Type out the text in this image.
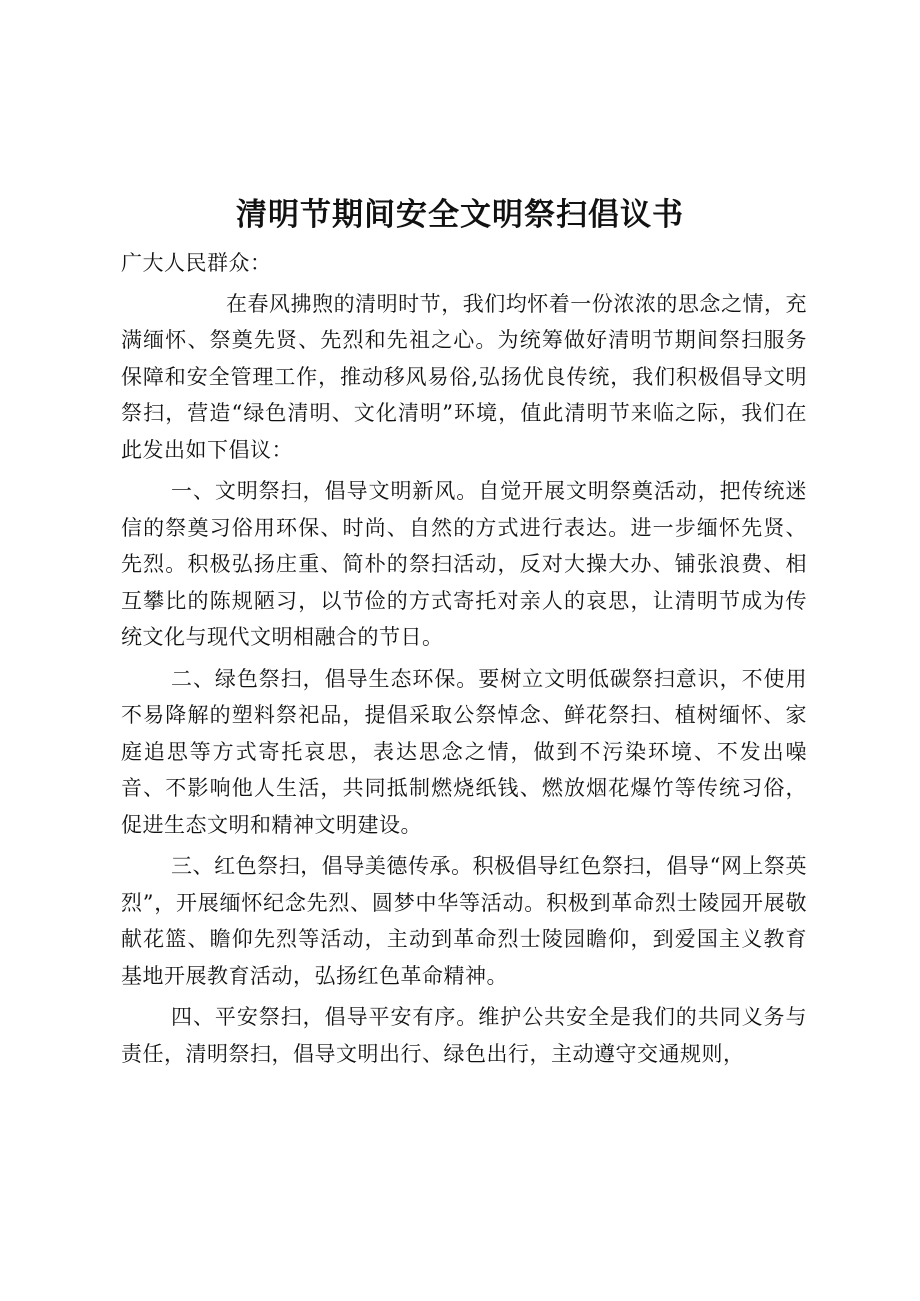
清明节期间安全文明祭扫倡议书

广大人民群众：

在春风拂煦的清明时节，我们均怀着一份浓浓的思念之情，充满缅怀、祭奠先贤、先烈和先祖之心。为统筹做好清明节期间祭扫服务保障和安全管理工作，推动移风易俗,弘扬优良传统，我们积极倡导文明祭扫，营造“绿色清明、文化清明”环境，值此清明节来临之际，我们在此发出如下倡议：

一、文明祭扫，倡导文明新风。自觉开展文明祭奠活动，把传统迷信的祭奠习俗用环保、时尚、自然的方式进行表达。进一步缅怀先贤、先烈。积极弘扬庄重、简朴的祭扫活动，反对大操大办、铺张浪费、相互攀比的陈规陋习，以节俭的方式寄托对亲人的哀思，让清明节成为传统文化与现代文明相融合的节日。

二、绿色祭扫，倡导生态环保。要树立文明低碳祭扫意识，不使用不易降解的塑料祭祀品，提倡采取公祭悼念、鲜花祭扫、植树缅怀、家庭追思等方式寄托哀思，表达思念之情，做到不污染环境、不发出噪音、不影响他人生活，共同抵制燃烧纸钱、燃放烟花爆竹等传统习俗，促进生态文明和精神文明建设。

三、红色祭扫，倡导美德传承。积极倡导红色祭扫，倡导“网上祭英烈”，开展缅怀纪念先烈、圆梦中华等活动。积极到革命烈士陵园开展敬献花篮、瞻仰先烈等活动，主动到革命烈士陵园瞻仰，到爱国主义教育基地开展教育活动，弘扬红色革命精神。

四、平安祭扫，倡导平安有序。维护公共安全是我们的共同义务与责任，清明祭扫，倡导文明出行、绿色出行，主动遵守交通规则，
